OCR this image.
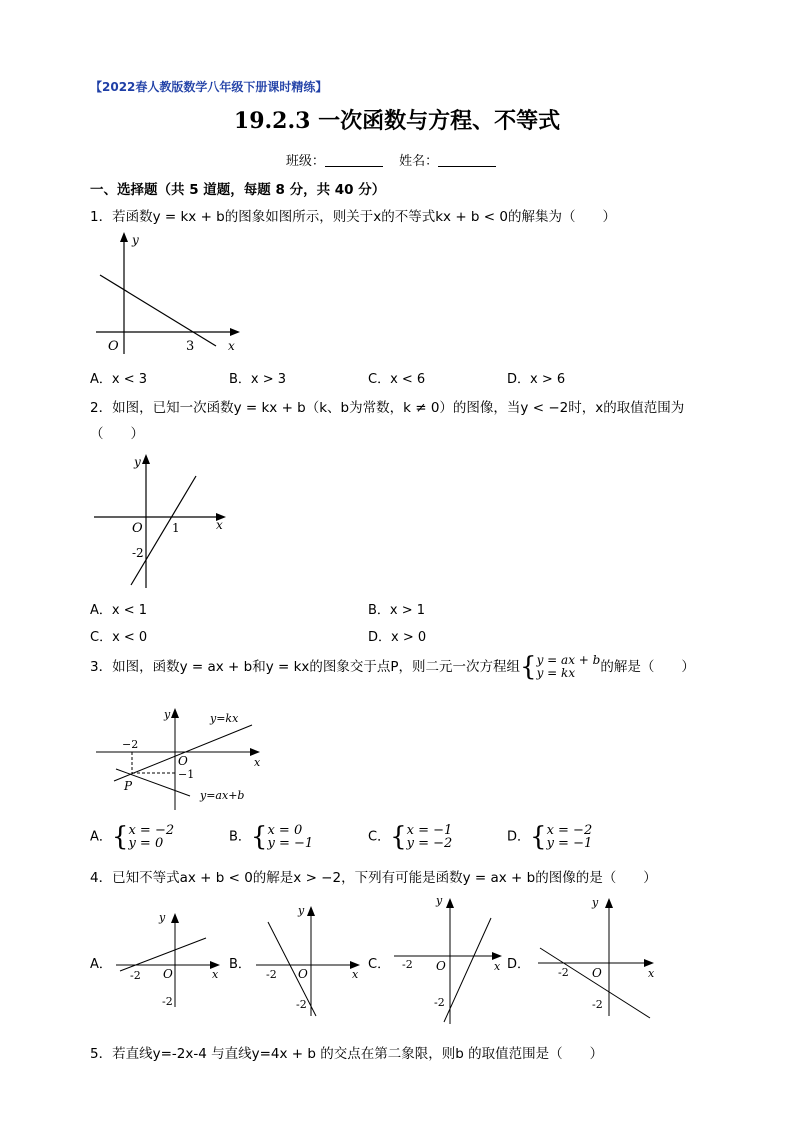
【2022春人教版数学八年级下册课时精练】
19.2.3 一次函数与方程、不等式
班级：	姓名：
一、选择题（共 5 道题，每题 8 分，共 40 分）
1．若函数y = kx + b的图象如图所示，则关于x的不等式kx + b < 0的解集为（　　）
y
x
O	3
A．x < 3	B．x > 3	C．x < 6	D．x > 6
2．如图，已知一次函数y = kx + b（k、b为常数，k ≠ 0）的图像，当y < −2时，x的取值范围为
（　　）
y
x
O 1
-2
A．x < 1	B．x > 1
C．x < 0	D．x > 0
3．如图，函数y = ax + b和y = kx的图象交于点P，则二元一次方程组{y = ax + b
y = kx 的解是（　　）
y
x
O
y=kx
y=ax+b
P
−2
−1
A．{x = −2
y = 0	B．{x = 0
y = −1	C．{x = −1
y = −2	D．{x = −2
y = −1
4．已知不等式ax + b < 0的解是x > −2，下列有可能是函数y = ax + b的图像的是（　　）
A．
y
x
O
-2
-2
B．
y
x
O
-2
-2
C．
y
x
O
-2
-2
D．
y
x
O
-2
-2
5．若直线y=-2x-4 与直线y=4x + b 的交点在第二象限，则b 的取值范围是（　　）
